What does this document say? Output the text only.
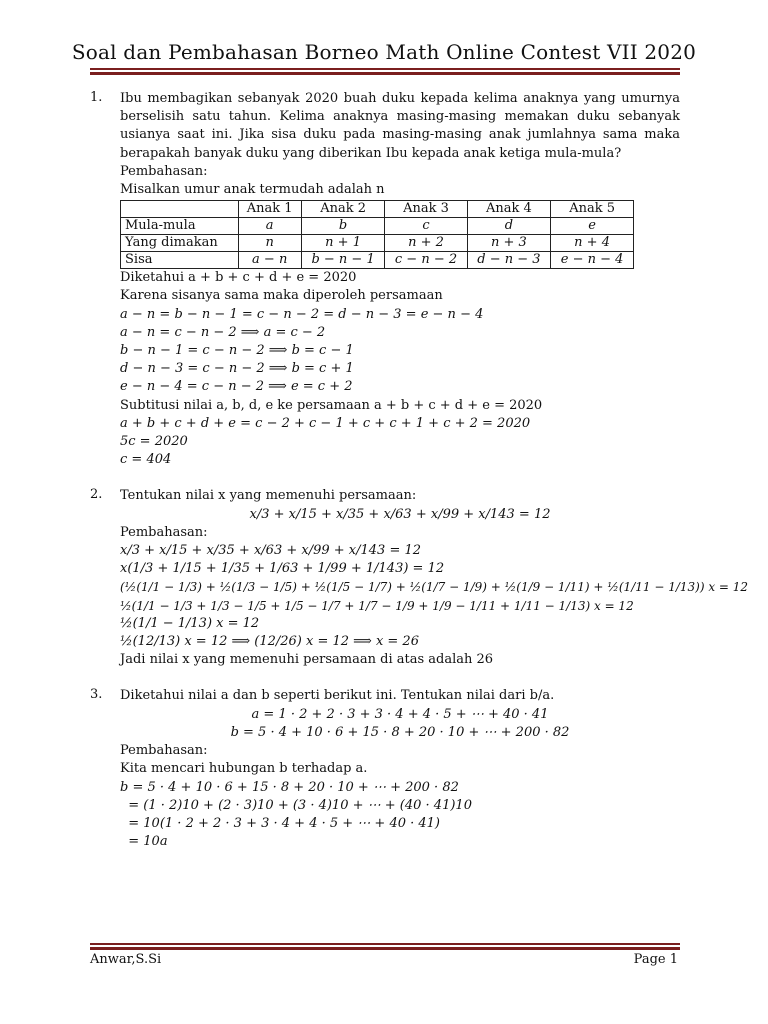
Soal dan Pembahasan Borneo Math Online Contest VII 2020
1. Ibu membagikan sebanyak 2020 buah duku kepada kelima anaknya yang umurnya berselisih satu tahun. Kelima anaknya masing-masing memakan duku sebanyak usianya saat ini. Jika sisa duku pada masing-masing anak jumlahnya sama maka berapakah banyak duku yang diberikan Ibu kepada anak ketiga mula-mula?
Pembahasan:
Misalkan umur anak termudah adalah n
	Anak 1	Anak 2	Anak 3	Anak 4	Anak 5
Mula-mula	a	b	c	d	e
Yang dimakan	n	n + 1	n + 2	n + 3	n + 4
Sisa	a − n	b − n − 1	c − n − 2	d − n − 3	e − n − 4
Diketahui a + b + c + d + e = 2020
Karena sisanya sama maka diperoleh persamaan
a − n = b − n − 1 = c − n − 2 = d − n − 3 = e − n − 4
a − n = c − n − 2 ⟹ a = c − 2
b − n − 1 = c − n − 2 ⟹ b = c − 1
d − n − 3 = c − n − 2 ⟹ b = c + 1
e − n − 4 = c − n − 2 ⟹ e = c + 2
Subtitusi nilai a, b, d, e ke persamaan a + b + c + d + e = 2020
a + b + c + d + e = c − 2 + c − 1 + c + c + 1 + c + 2 = 2020
5c = 2020
c = 404
2. Tentukan nilai x yang memenuhi persamaan:
x/3 + x/15 + x/35 + x/63 + x/99 + x/143 = 12
Pembahasan:
x/3 + x/15 + x/35 + x/63 + x/99 + x/143 = 12
x(1/3 + 1/15 + 1/35 + 1/63 + 1/99 + 1/143) = 12
(½(1/1 − 1/3) + ½(1/3 − 1/5) + ½(1/5 − 1/7) + ½(1/7 − 1/9) + ½(1/9 − 1/11) + ½(1/11 − 1/13)) x = 12
½(1/1 − 1/3 + 1/3 − 1/5 + 1/5 − 1/7 + 1/7 − 1/9 + 1/9 − 1/11 + 1/11 − 1/13) x = 12
½(1/1 − 1/13) x = 12
½(12/13) x = 12 ⟹ (12/26) x = 12 ⟹ x = 26
Jadi nilai x yang memenuhi persamaan di atas adalah 26
3. Diketahui nilai a dan b seperti berikut ini. Tentukan nilai dari b/a.
a = 1 · 2 + 2 · 3 + 3 · 4 + 4 · 5 + ⋯ + 40 · 41
b = 5 · 4 + 10 · 6 + 15 · 8 + 20 · 10 + ⋯ + 200 · 82
Pembahasan:
Kita mencari hubungan b terhadap a.
b = 5 · 4 + 10 · 6 + 15 · 8 + 20 · 10 + ⋯ + 200 · 82
= (1 · 2)10 + (2 · 3)10 + (3 · 4)10 + ⋯ + (40 · 41)10
= 10(1 · 2 + 2 · 3 + 3 · 4 + 4 · 5 + ⋯ + 40 · 41)
= 10a
Anwar,S.Si	Page 1
